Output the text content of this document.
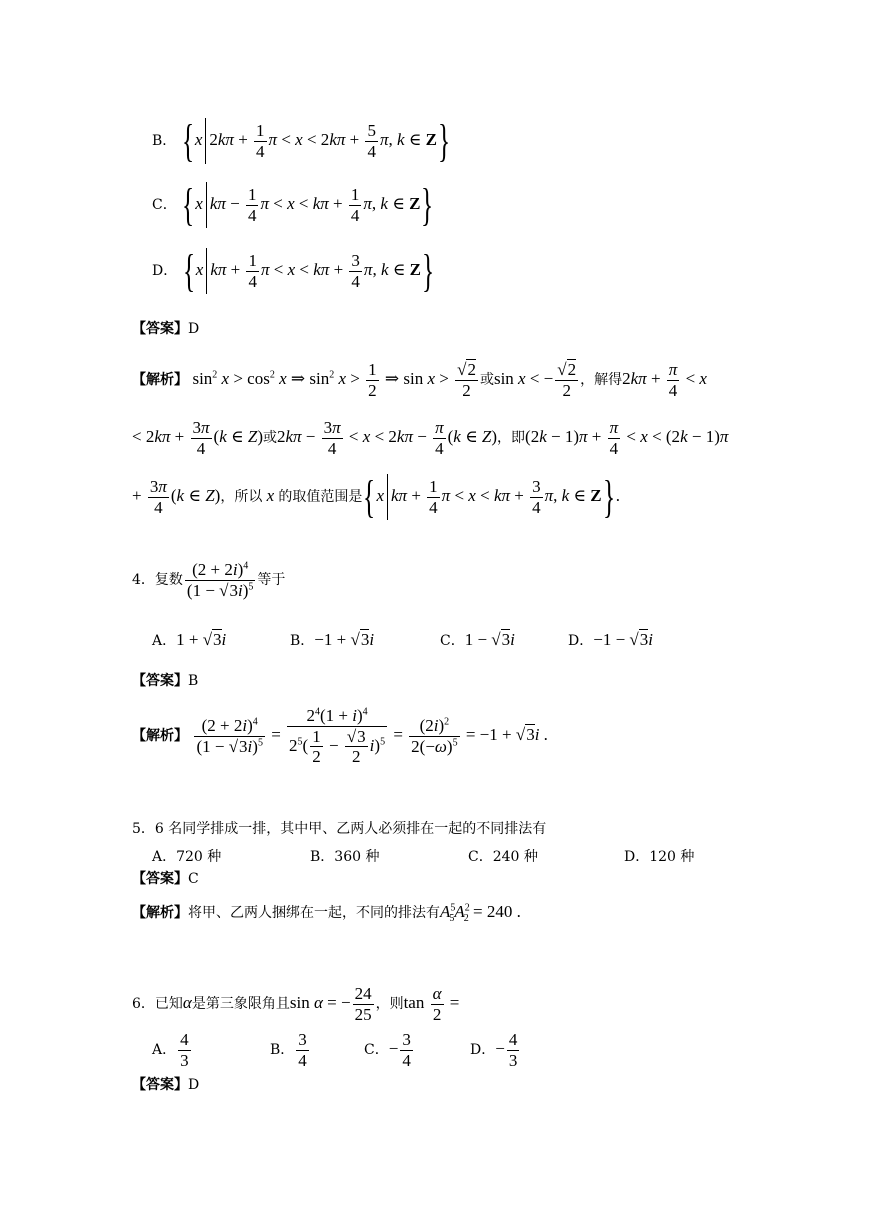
B． {x $2k\pi + \frac{1}{4}$ $\pi < x < 2k\pi + \frac{5}{4} \pi$, k ∈ Z}
C． {x $k\pi - \frac{1}{4}$ $\pi < x < k\pi + \frac{1}{4} \pi$, k ∈ Z}
D． {x $k\pi + \frac{1}{4}$ $\pi < x < k\pi + \frac{3}{4} \pi$, k ∈ Z}
【答案】D
【解析】 $\sin^2 x > \cos^2 x$ ⇒ $\sin^2 x > \frac{1}{2}$ ⇒ $\sin x > \frac{√2}{2}$ 或sin x < − $\frac{√2}{2}$ ，解得$2k\pi + \frac{\pi}{4} < x$
< $2k\pi + \frac{3\pi}{4} (k$ ∈ Z)或$2k\pi - \frac{3\pi}{4} < x < 2k\pi - \frac{\pi}{4} (k$ ∈ Z)，即$(2k - 1)\pi + \frac{\pi}{4} < x < (2k - 1)\pi$
+ $\frac{3\pi}{4} (k$ ∈ Z)，所以 x 的取值范围是{x $k\pi + \frac{1}{4}$ $\pi < x < k\pi + \frac{3}{4} \pi$, k ∈ Z}.
4．复数 $\frac{(2 + 2i)^4}{(1 - √3i)^5}$ 等于
A．1 + √3i	B．−1 + √3i	C．1 − √3i	D．−1 − √3i
【答案】B
【解析】 $\frac{(2 + 2i)^4}{(1 - √3i)^5} = \frac{2^4(1 + i)^4}{2^5( \frac{1}{2} - \frac{√3}{2} i)^5} = \frac{(2i)^2}{2(-\omega)^5} = -1 + √3i$ .
5．6 名同学排成一排，其中甲、乙两人必须排在一起的不同排法有
A．720 种	B．360 种	C．240 种	D．120 种
【答案】C
【解析】将甲、乙两人捆绑在一起，不同的排法有$A^5_5A^2_2 = 240$ .
6．已知α是第三象限角且sin α = − $\frac{24}{25}$ ，则$\tan \frac{\alpha}{2}$ =
A． $\frac{4}{3}$	B． $\frac{3}{4}$	C．− $\frac{3}{4}$	D．− $\frac{4}{3}$
【答案】D
